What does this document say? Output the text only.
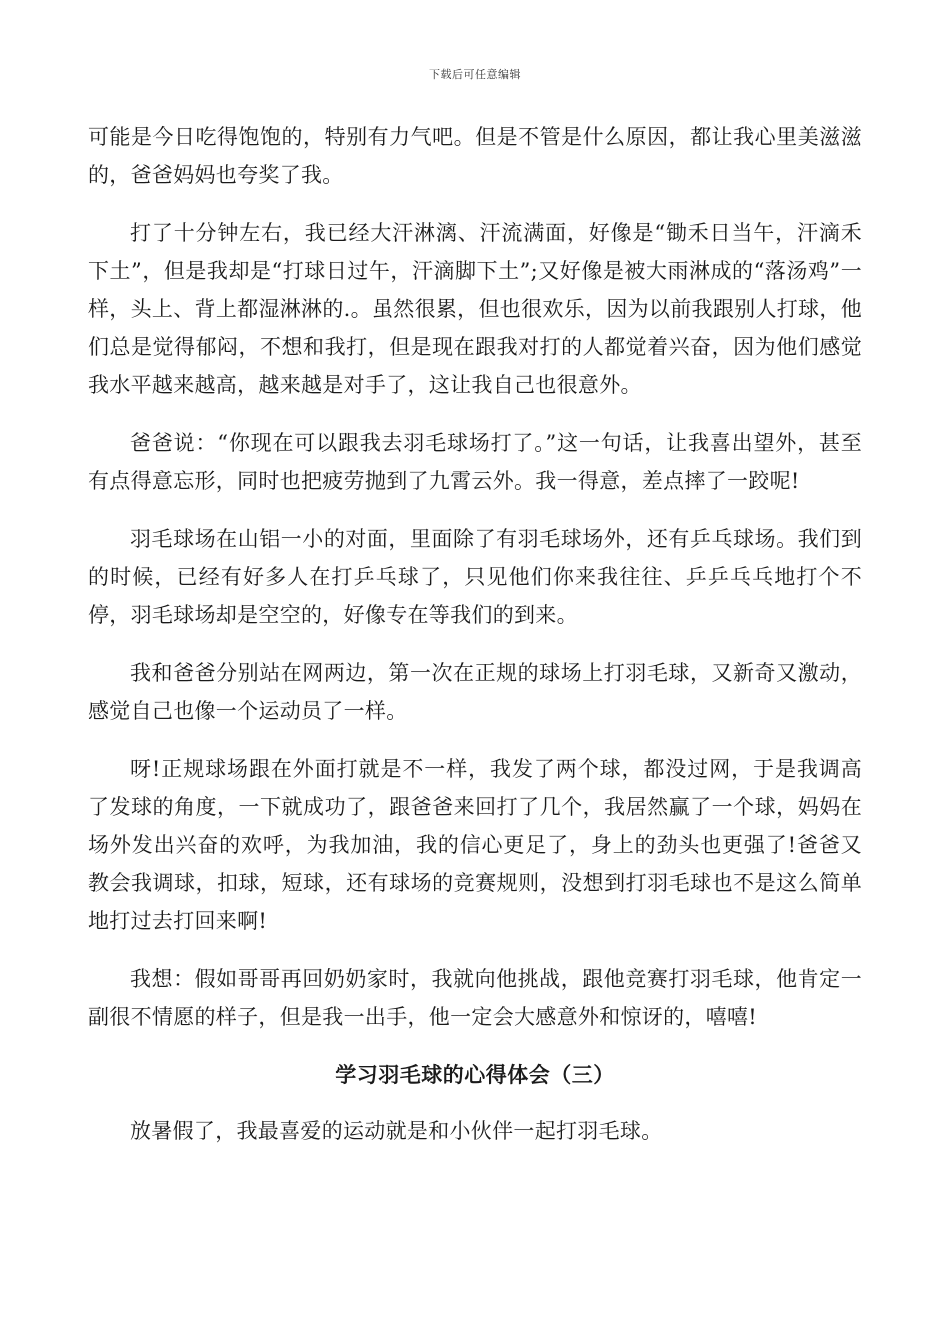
下载后可任意编辑

可能是今日吃得饱饱的，特别有力气吧。但是不管是什么原因，都让我心里美滋滋的，爸爸妈妈也夸奖了我。

打了十分钟左右，我已经大汗淋漓、汗流满面，好像是“锄禾日当午，汗滴禾下土”，但是我却是“打球日过午，汗滴脚下土”;又好像是被大雨淋成的“落汤鸡”一样，头上、背上都湿淋淋的.。虽然很累，但也很欢乐，因为以前我跟别人打球，他们总是觉得郁闷，不想和我打，但是现在跟我对打的人都觉着兴奋，因为他们感觉我水平越来越高，越来越是对手了，这让我自己也很意外。

爸爸说：“你现在可以跟我去羽毛球场打了。”这一句话，让我喜出望外，甚至有点得意忘形，同时也把疲劳抛到了九霄云外。我一得意，差点摔了一跤呢!

羽毛球场在山铝一小的对面，里面除了有羽毛球场外，还有乒乓球场。我们到的时候，已经有好多人在打乒乓球了，只见他们你来我往往、乒乒乓乓地打个不停，羽毛球场却是空空的，好像专在等我们的到来。

我和爸爸分别站在网两边，第一次在正规的球场上打羽毛球，又新奇又激动，感觉自己也像一个运动员了一样。

呀!正规球场跟在外面打就是不一样，我发了两个球，都没过网，于是我调高了发球的角度，一下就成功了，跟爸爸来回打了几个，我居然赢了一个球，妈妈在场外发出兴奋的欢呼，为我加油，我的信心更足了，身上的劲头也更强了!爸爸又教会我调球，扣球，短球，还有球场的竞赛规则，没想到打羽毛球也不是这么简单地打过去打回来啊!

我想：假如哥哥再回奶奶家时，我就向他挑战，跟他竞赛打羽毛球，他肯定一副很不情愿的样子，但是我一出手，他一定会大感意外和惊讶的，嘻嘻!

学习羽毛球的心得体会（三）

放暑假了，我最喜爱的运动就是和小伙伴一起打羽毛球。
